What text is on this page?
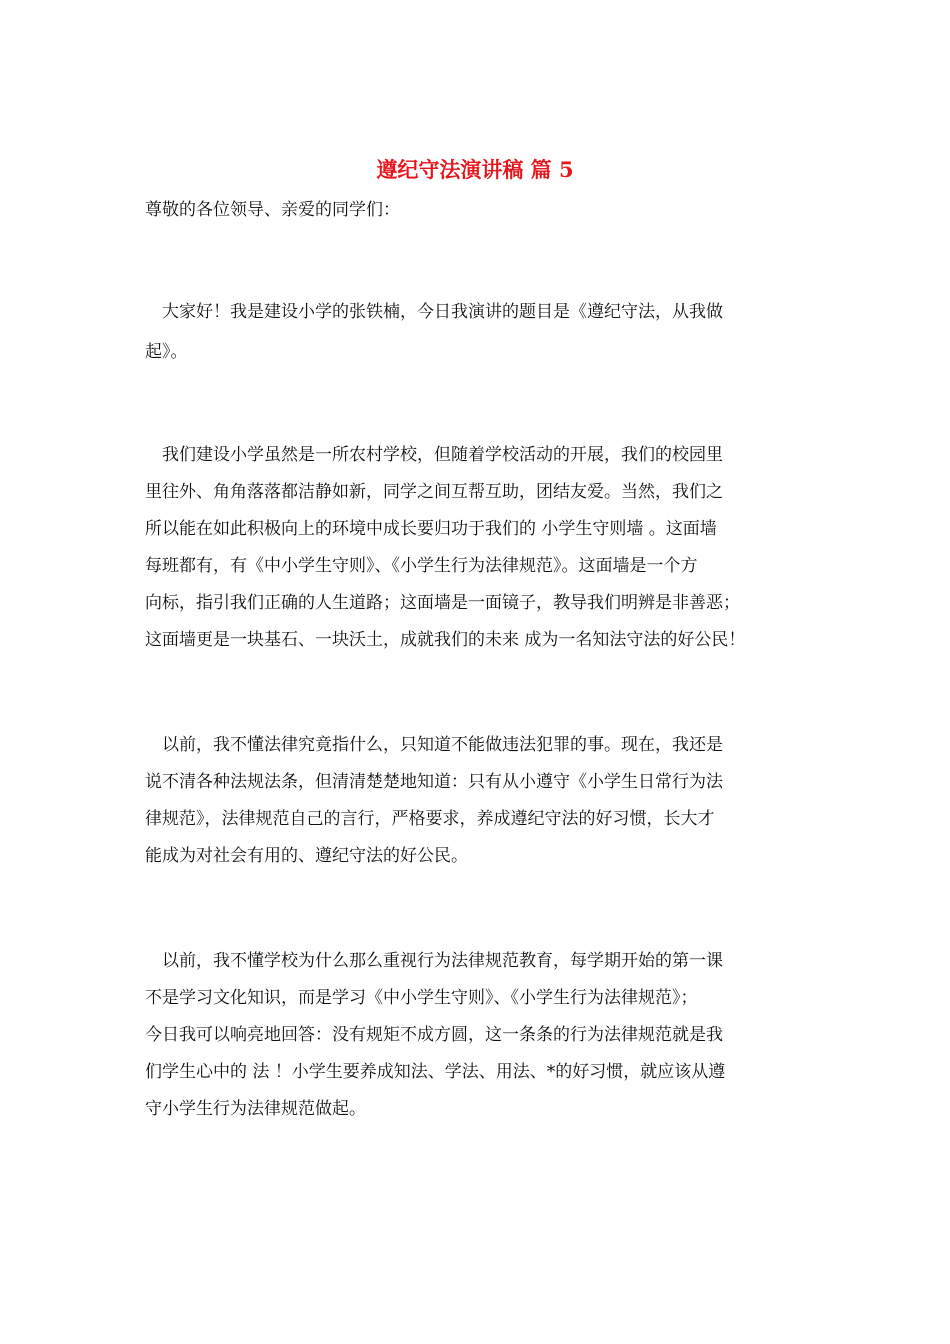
遵纪守法演讲稿 篇 5
尊敬的各位领导、亲爱的同学们：
　大家好！我是建设小学的张铁楠，今日我演讲的题目是《遵纪守法，从我做
起》。
　我们建设小学虽然是一所农村学校，但随着学校活动的开展，我们的校园里
里往外、角角落落都洁静如新，同学之间互帮互助，团结友爱。当然，我们之
所以能在如此积极向上的环境中成长要归功于我们的 小学生守则墙 。这面墙
每班都有，有《中小学生守则》、《小学生行为法律规范》。这面墙是一个方
向标，指引我们正确的人生道路；这面墙是一面镜子，教导我们明辨是非善恶；
这面墙更是一块基石、一块沃土，成就我们的未来 成为一名知法守法的好公民！
　以前，我不懂法律究竟指什么，只知道不能做违法犯罪的事。现在，我还是
说不清各种法规法条，但清清楚楚地知道：只有从小遵守《小学生日常行为法
律规范》，法律规范自己的言行，严格要求，养成遵纪守法的好习惯，长大才
能成为对社会有用的、遵纪守法的好公民。
　以前，我不懂学校为什么那么重视行为法律规范教育，每学期开始的第一课
不是学习文化知识，而是学习《中小学生守则》、《小学生行为法律规范》；
今日我可以响亮地回答：没有规矩不成方圆，这一条条的行为法律规范就是我
们学生心中的 法 ！小学生要养成知法、学法、用法、*的好习惯，就应该从遵
守小学生行为法律规范做起。
